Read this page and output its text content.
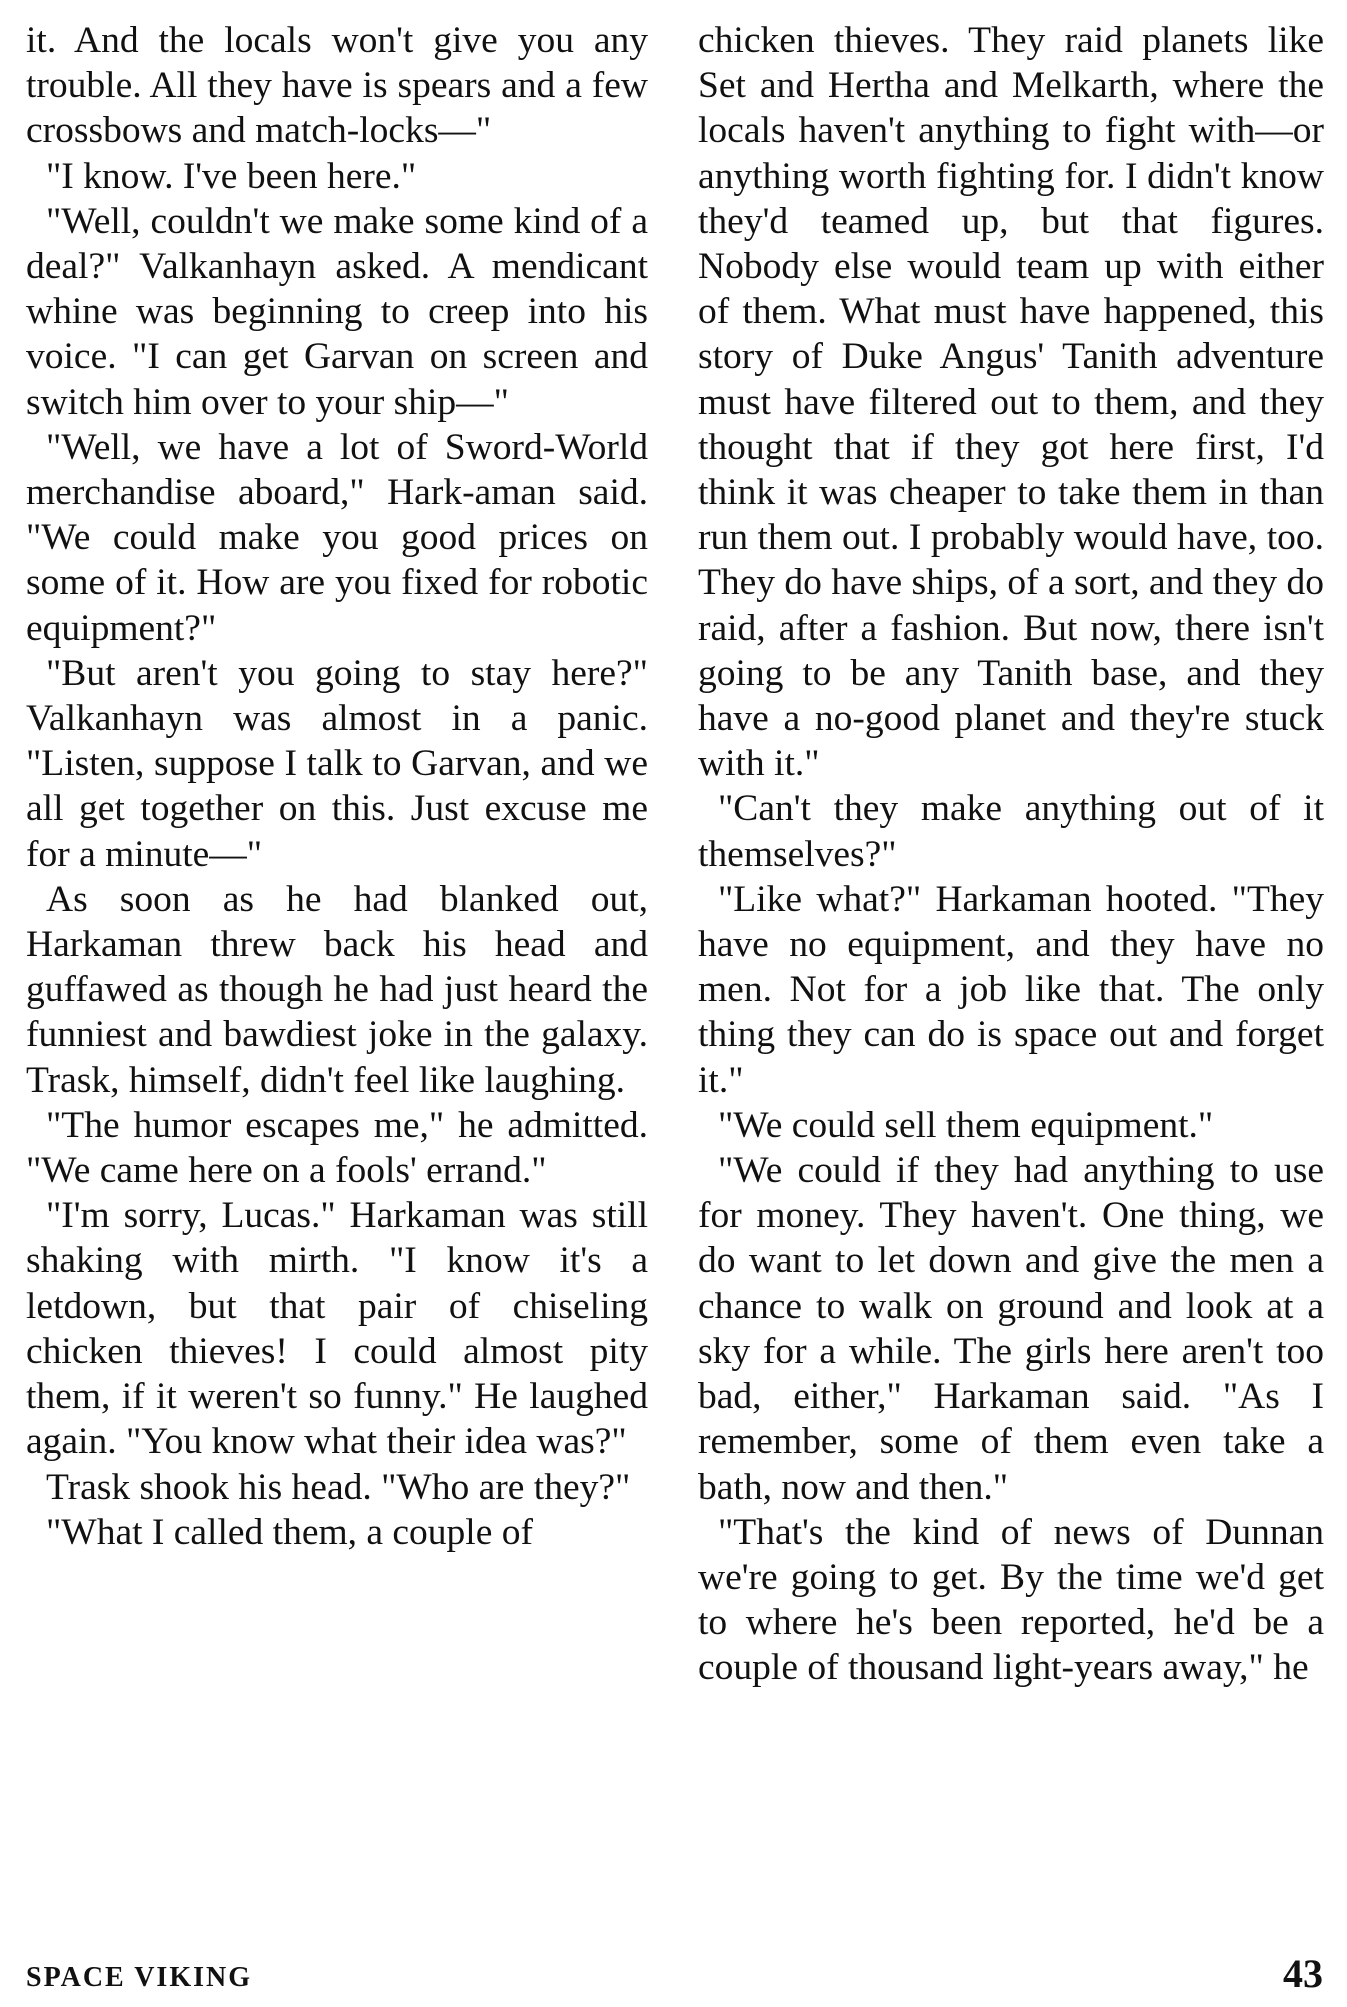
it. And the locals won't give you any trouble. All they have is spears and a few crossbows and match-locks—"

"I know. I've been here."

"Well, couldn't we make some kind of a deal?" Valkanhayn asked. A mendicant whine was beginning to creep into his voice. "I can get Garvan on screen and switch him over to your ship—"

"Well, we have a lot of Sword-World merchandise aboard," Hark-aman said. "We could make you good prices on some of it. How are you fixed for robotic equipment?"

"But aren't you going to stay here?" Valkanhayn was almost in a panic. "Listen, suppose I talk to Garvan, and we all get together on this. Just excuse me for a minute—"

As soon as he had blanked out, Harkaman threw back his head and guffawed as though he had just heard the funniest and bawdiest joke in the galaxy. Trask, himself, didn't feel like laughing.

"The humor escapes me," he admitted. "We came here on a fools' errand."

"I'm sorry, Lucas." Harkaman was still shaking with mirth. "I know it's a letdown, but that pair of chiseling chicken thieves! I could almost pity them, if it weren't so funny." He laughed again. "You know what their idea was?"

Trask shook his head. "Who are they?"

"What I called them, a couple of

chicken thieves. They raid planets like Set and Hertha and Melkarth, where the locals haven't anything to fight with—or anything worth fighting for. I didn't know they'd teamed up, but that figures. Nobody else would team up with either of them. What must have happened, this story of Duke Angus' Tanith adventure must have filtered out to them, and they thought that if they got here first, I'd think it was cheaper to take them in than run them out. I probably would have, too. They do have ships, of a sort, and they do raid, after a fashion. But now, there isn't going to be any Tanith base, and they have a no-good planet and they're stuck with it."

"Can't they make anything out of it themselves?"

"Like what?" Harkaman hooted. "They have no equipment, and they have no men. Not for a job like that. The only thing they can do is space out and forget it."

"We could sell them equipment."

"We could if they had anything to use for money. They haven't. One thing, we do want to let down and give the men a chance to walk on ground and look at a sky for a while. The girls here aren't too bad, either," Harkaman said. "As I remember, some of them even take a bath, now and then."

"That's the kind of news of Dunnan we're going to get. By the time we'd get to where he's been reported, he'd be a couple of thousand light-years away," he

SPACE VIKING	43
